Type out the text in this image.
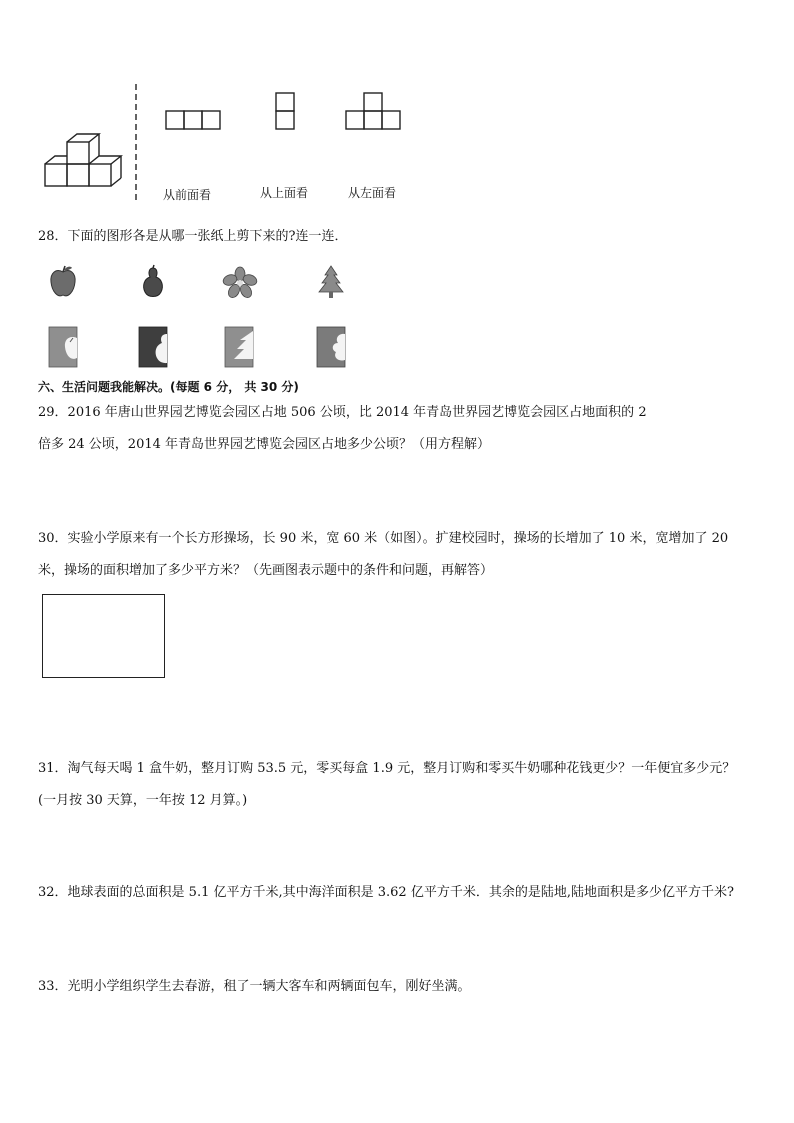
从前面看	从上面看	从左面看
28．下面的图形各是从哪一张纸上剪下来的?连一连．
六、生活问题我能解决。(每题 6 分， 共 30 分)
29．2016 年唐山世界园艺博览会园区占地 506 公顷，比 2014 年青岛世界园艺博览会园区占地面积的 2
倍多 24 公顷，2014 年青岛世界园艺博览会园区占地多少公顷？（用方程解）
30．实验小学原来有一个长方形操场，长 90 米，宽 60 米（如图）。扩建校园时，操场的长增加了 10 米，宽增加了 20
米，操场的面积增加了多少平方米？（先画图表示题中的条件和问题，再解答）
31．淘气每天喝 1 盒牛奶，整月订购 53.5 元，零买每盒 1.9 元，整月订购和零买牛奶哪种花钱更少？一年便宜多少元？
(一月按 30 天算，一年按 12 月算。)
32．地球表面的总面积是 5.1 亿平方千米,其中海洋面积是 3.62 亿平方千米．其余的是陆地,陆地面积是多少亿平方千米?
33．光明小学组织学生去春游，租了一辆大客车和两辆面包车，刚好坐满。
